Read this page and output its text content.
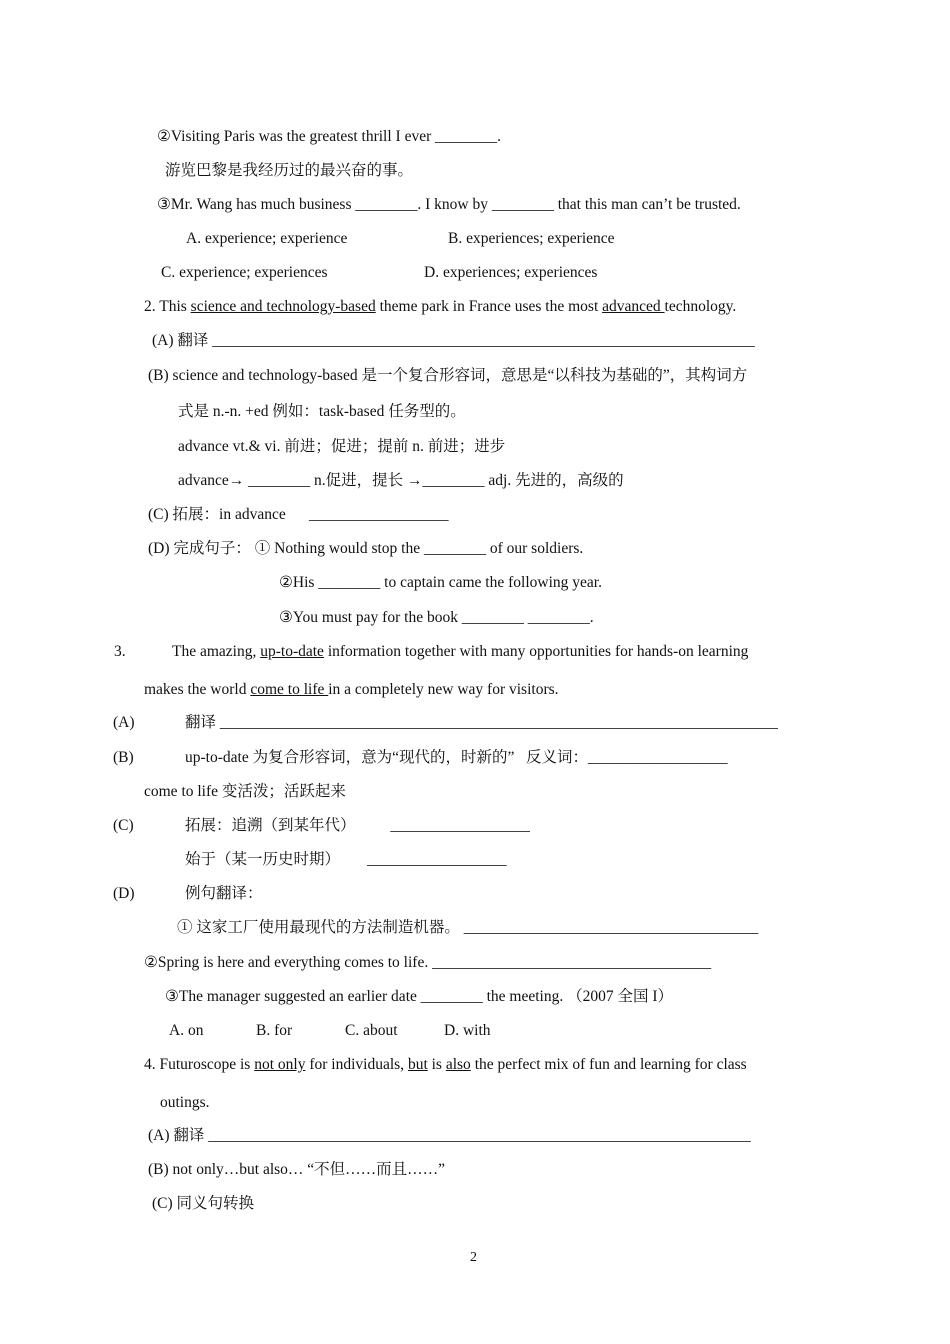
②Visiting Paris was the greatest thrill I ever ________.
游览巴黎是我经历过的最兴奋的事。
③Mr. Wang has much business ________. I know by ________ that this man can’t be trusted.
A. experience; experience	B. experiences; experience
C. experience; experiences	D. experiences; experiences
2. This science and technology-based theme park in France uses the most advanced technology.
(A) 翻译 ______________________________________________________________________
(B) science and technology-based 是一个复合形容词，意思是“以科技为基础的”，其构词方
式是 n.-n. +ed 例如：task-based 任务型的。
advance vt.& vi. 前进；促进；提前 n. 前进；进步
advance→ ________ n.促进，提长 →________ adj. 先进的，高级的
(C) 拓展：in advance      __________________
(D) 完成句子： ① Nothing would stop the ________ of our soldiers.
②His ________ to captain came the following year.
③You must pay for the book ________ ________.
3.	The amazing, up-to-date information together with many opportunities for hands-on learning
makes the world come to life in a completely new way for visitors.
(A)	翻译 ________________________________________________________________________
(B)	up-to-date 为复合形容词，意为“现代的，时新的”   反义词：__________________
come to life 变活泼；活跃起来
(C)	拓展：追溯（到某年代）         __________________
始于（某一历史时期）       __________________
(D)	例句翻译：
① 这家工厂使用最现代的方法制造机器。 ______________________________________
②Spring is here and everything comes to life. ____________________________________
③The manager suggested an earlier date ________ the meeting. （2007 全国 I）
A. on	B. for	C. about	D. with
4. Futuroscope is not only for individuals, but is also the perfect mix of fun and learning for class
outings.
(A) 翻译 ______________________________________________________________________
(B) not only…but also… “不但……而且……”
(C) 同义句转换
2
